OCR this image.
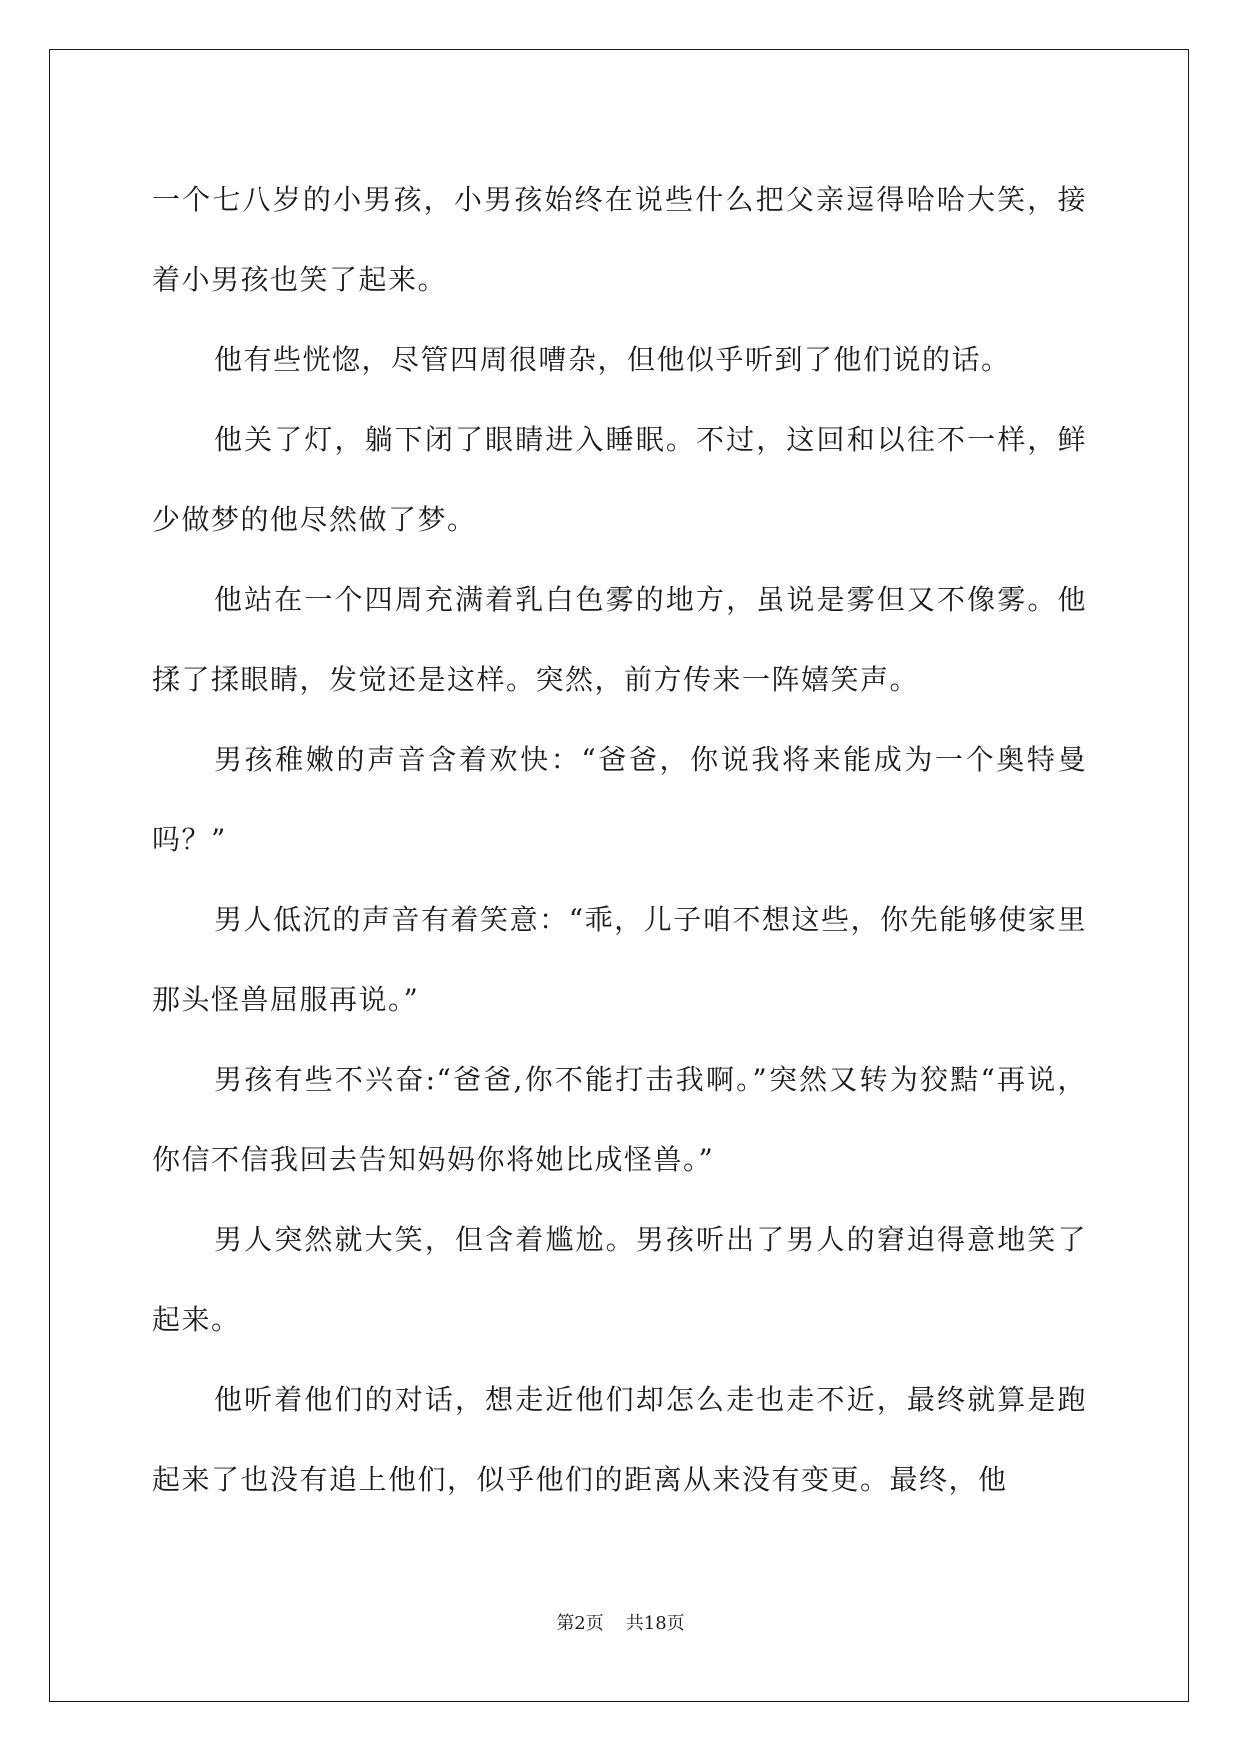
一个七八岁的小男孩，小男孩始终在说些什么把父亲逗得哈哈大笑，接着小男孩也笑了起来。

他有些恍惚，尽管四周很嘈杂，但他似乎听到了他们说的话。

他关了灯，躺下闭了眼睛进入睡眠。不过，这回和以往不一样，鲜少做梦的他尽然做了梦。

他站在一个四周充满着乳白色雾的地方，虽说是雾但又不像雾。他揉了揉眼睛，发觉还是这样。突然，前方传来一阵嬉笑声。

男孩稚嫩的声音含着欢快：“爸爸，你说我将来能成为一个奥特曼吗？”

男人低沉的声音有着笑意：“乖，儿子咱不想这些，你先能够使家里那头怪兽屈服再说。”

男孩有些不兴奋:“爸爸,你不能打击我啊。”突然又转为狡黠“再说，你信不信我回去告知妈妈你将她比成怪兽。”

男人突然就大笑，但含着尴尬。男孩听出了男人的窘迫得意地笑了起来。

他听着他们的对话，想走近他们却怎么走也走不近，最终就算是跑起来了也没有追上他们，似乎他们的距离从来没有变更。最终，他

第2页 共18页
